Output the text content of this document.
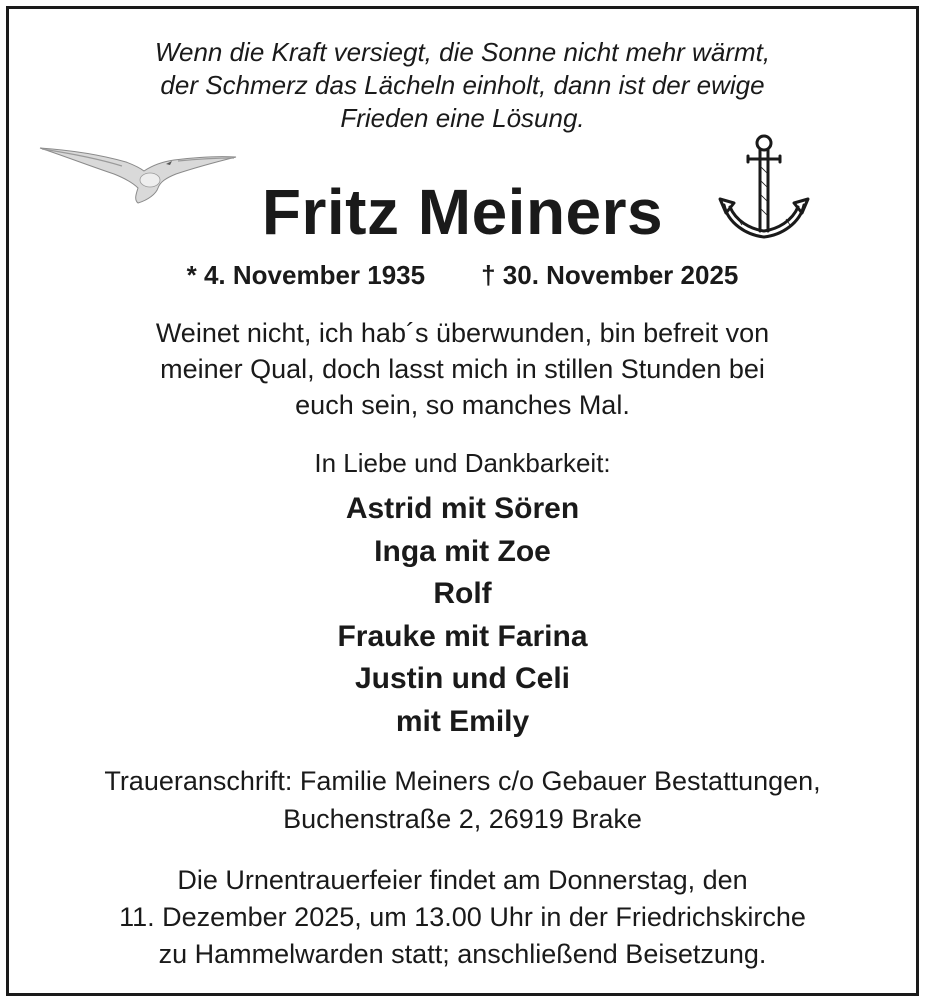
Wenn die Kraft versiegt, die Sonne nicht mehr wärmt,
der Schmerz das Lächeln einholt, dann ist der ewige
Frieden eine Lösung.
Fritz Meiners
* 4. November 1935 † 30. November 2025
Weinet nicht, ich hab´s überwunden, bin befreit von
meiner Qual, doch lasst mich in stillen Stunden bei
euch sein, so manches Mal.
In Liebe und Dankbarkeit:
Astrid mit Sören
Inga mit Zoe
Rolf
Frauke mit Farina
Justin und Celi
mit Emily
Traueranschrift: Familie Meiners c/o Gebauer Bestattungen,
Buchenstraße 2, 26919 Brake
Die Urnentrauerfeier findet am Donnerstag, den
11. Dezember 2025, um 13.00 Uhr in der Friedrichskirche
zu Hammelwarden statt; anschließend Beisetzung.
